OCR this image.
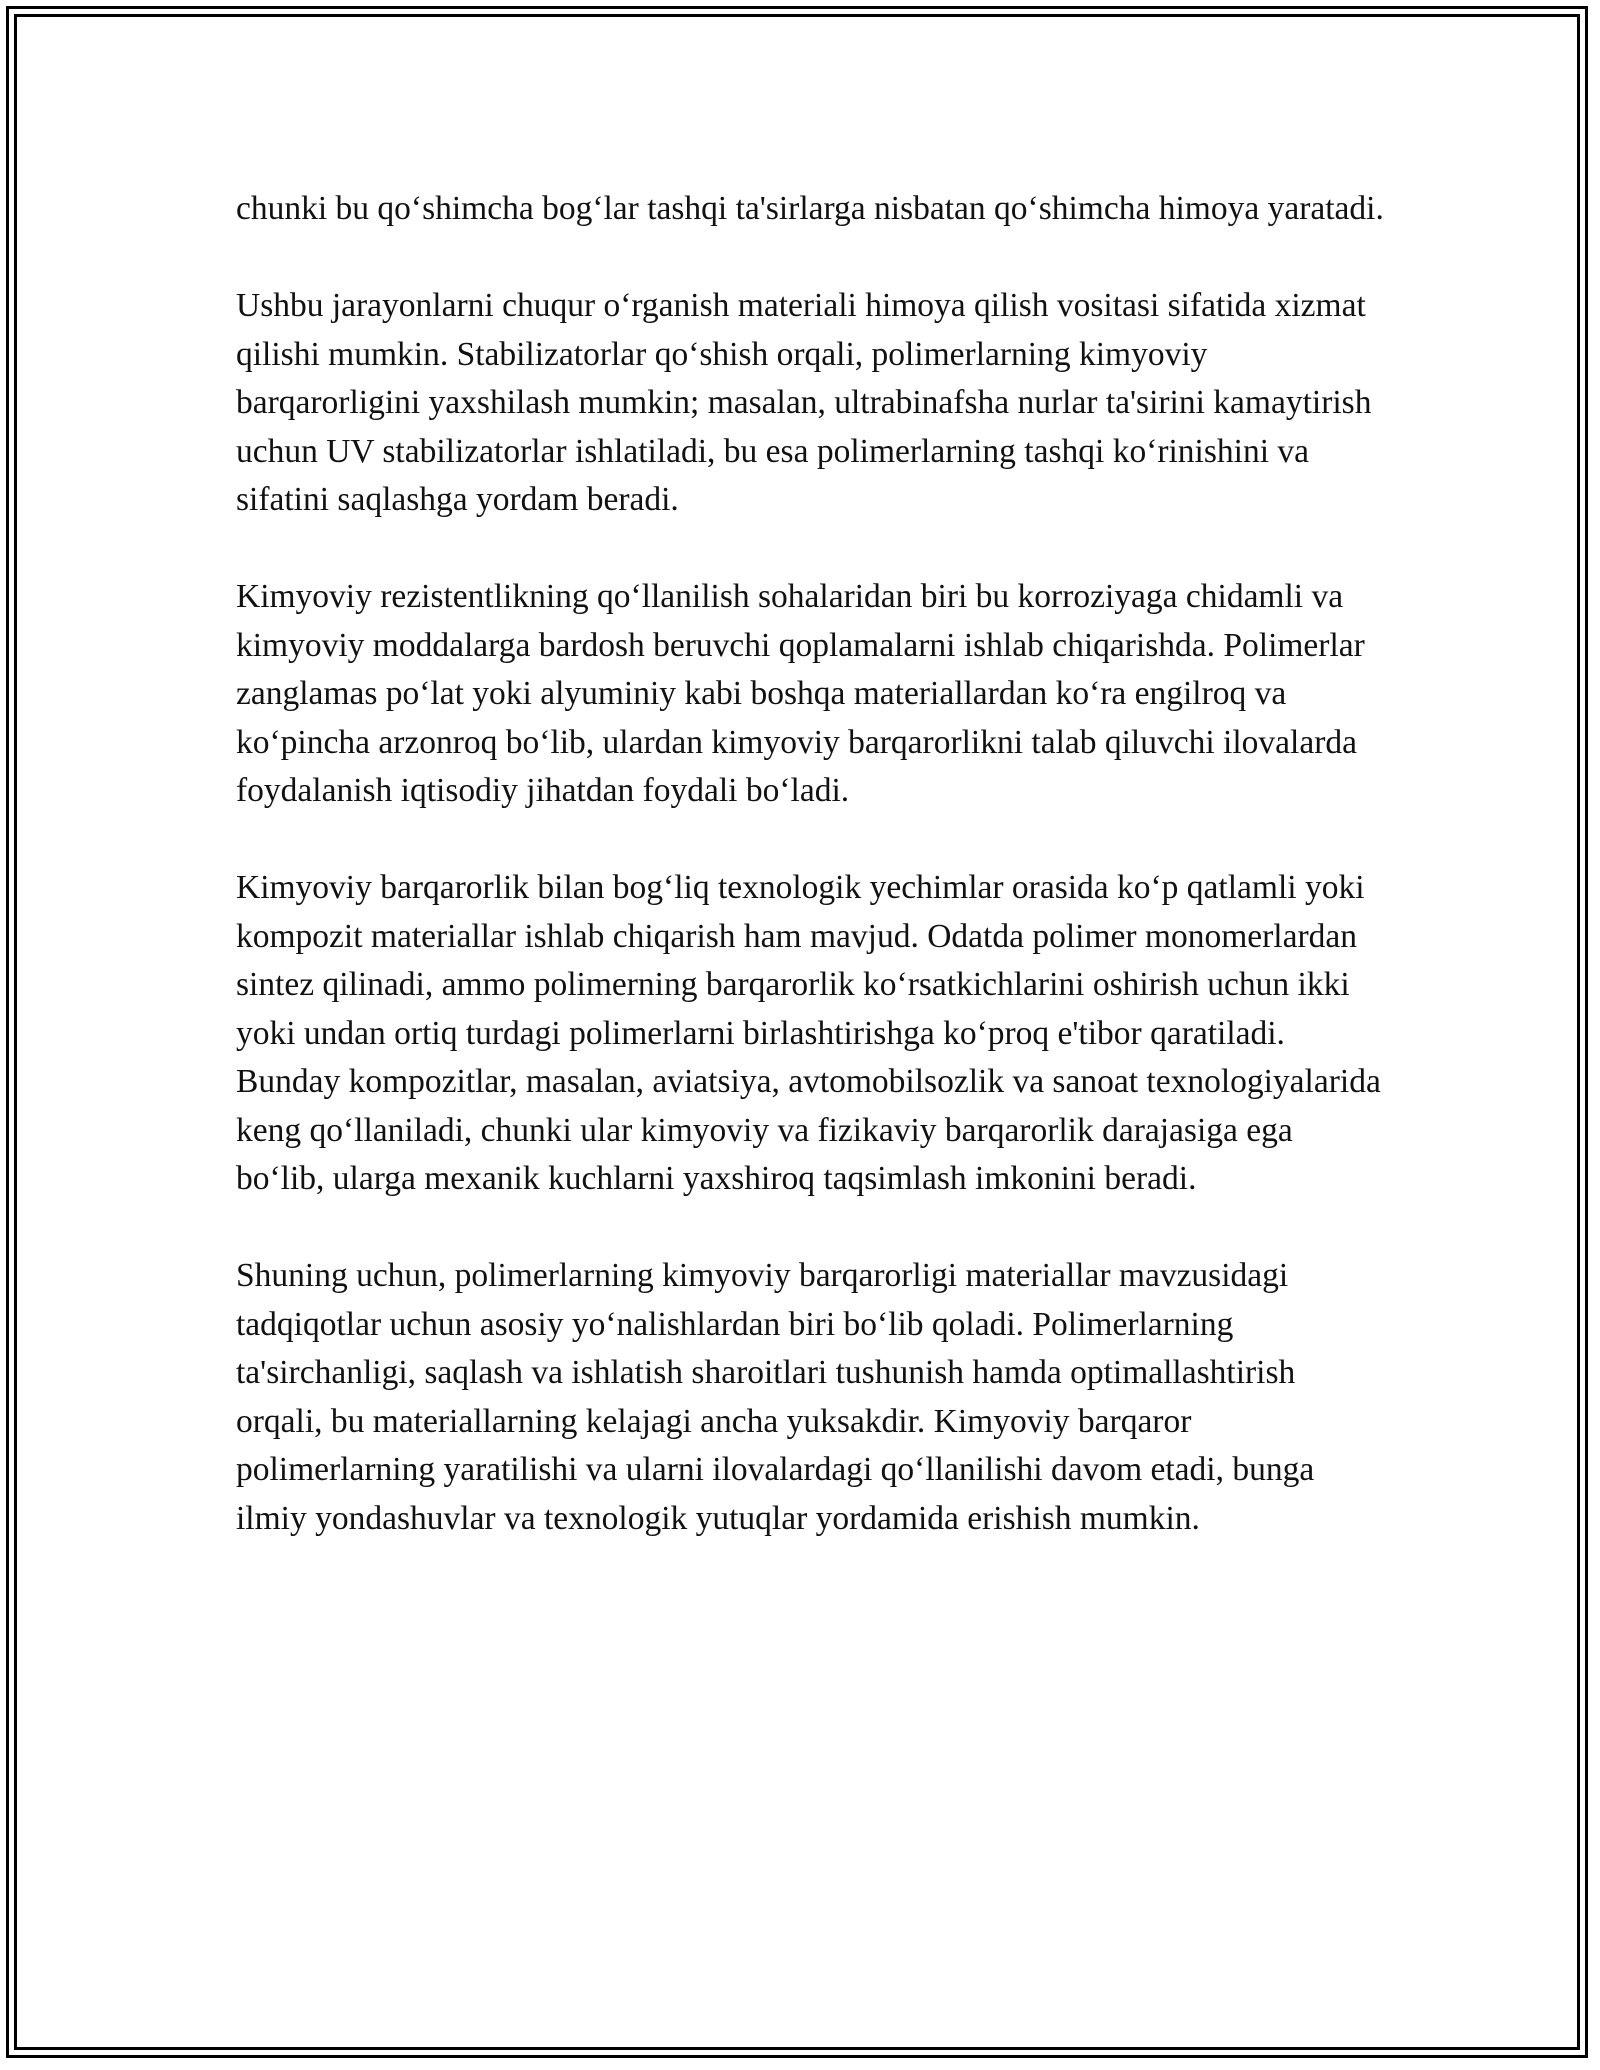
chunki bu qo‘shimcha bog‘lar tashqi ta'sirlarga nisbatan qo‘shimcha himoya yaratadi.

Ushbu jarayonlarni chuqur o‘rganish materiali himoya qilish vositasi sifatida xizmat qilishi mumkin. Stabilizatorlar qo‘shish orqali, polimerlarning kimyoviy barqarorligini yaxshilash mumkin; masalan, ultrabinafsha nurlar ta'sirini kamaytirish uchun UV stabilizatorlar ishlatiladi, bu esa polimerlarning tashqi ko‘rinishini va sifatini saqlashga yordam beradi.

Kimyoviy rezistentlikning qo‘llanilish sohalaridan biri bu korroziyaga chidamli va kimyoviy moddalarga bardosh beruvchi qoplamalarni ishlab chiqarishda. Polimerlar zanglamas po‘lat yoki alyuminiy kabi boshqa materiallardan ko‘ra engilroq va ko‘pincha arzonroq bo‘lib, ulardan kimyoviy barqarorlikni talab qiluvchi ilovalarda foydalanish iqtisodiy jihatdan foydali bo‘ladi.

Kimyoviy barqarorlik bilan bog‘liq texnologik yechimlar orasida ko‘p qatlamli yoki kompozit materiallar ishlab chiqarish ham mavjud. Odatda polimer monomerlardan sintez qilinadi, ammo polimerning barqarorlik ko‘rsatkichlarini oshirish uchun ikki yoki undan ortiq turdagi polimerlarni birlashtirishga ko‘proq e'tibor qaratiladi. Bunday kompozitlar, masalan, aviatsiya, avtomobilsozlik va sanoat texnologiyalarida keng qo‘llaniladi, chunki ular kimyoviy va fizikaviy barqarorlik darajasiga ega bo‘lib, ularga mexanik kuchlarni yaxshiroq taqsimlash imkonini beradi.

Shuning uchun, polimerlarning kimyoviy barqarorligi materiallar mavzusidagi tadqiqotlar uchun asosiy yo‘nalishlardan biri bo‘lib qoladi. Polimerlarning ta'sirchanligi, saqlash va ishlatish sharoitlari tushunish hamda optimallashtirish orqali, bu materiallarning kelajagi ancha yuksakdir. Kimyoviy barqaror polimerlarning yaratilishi va ularni ilovalardagi qo‘llanilishi davom etadi, bunga ilmiy yondashuvlar va texnologik yutuqlar yordamida erishish mumkin.
